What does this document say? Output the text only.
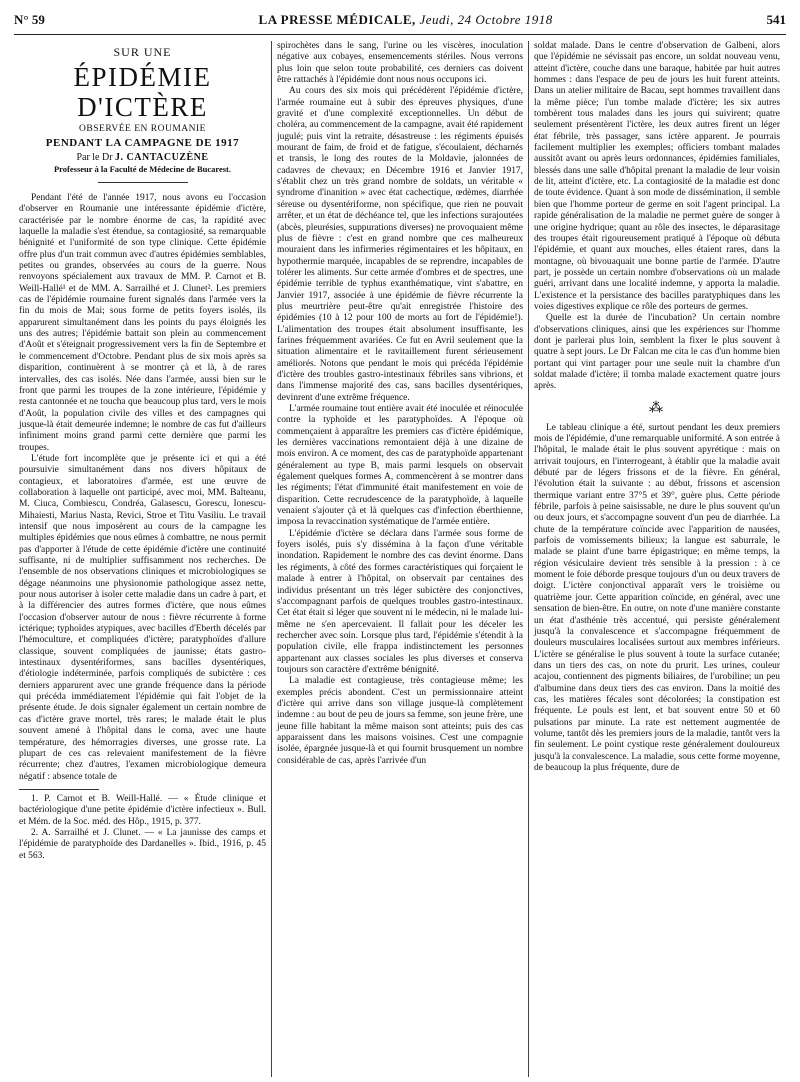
N° 59	LA PRESSE MÉDICALE, Jeudi, 24 Octobre 1918	541
SUR UNE
ÉPIDÉMIE D'ICTÈRE
OBSERVÉE EN ROUMANIE
PENDANT LA CAMPAGNE DE 1917
Par le Dr J. CANTACUZÈNE
Professeur à la Faculté de Médecine de Bucarest.

Pendant l'été de l'année 1917, nous avons eu l'occasion d'observer en Roumanie une intéressante épidémie d'ictère, caractérisée par le nombre énorme de cas, la rapidité avec laquelle la maladie s'est étendue, sa contagiosité, sa remarquable bénignité et l'uniformité de son type clinique. Cette épidémie offre plus d'un trait commun avec d'autres épidémies semblables, petites ou grandes, observées au cours de la guerre. Nous renvoyons spécialement aux travaux de MM. P. Carnot et B. Weill-Hallé¹ et de MM. A. Sarrailhé et J. Clunet². Les premiers cas de l'épidémie roumaine furent signalés dans l'armée vers la fin du mois de Mai; sous forme de petits foyers isolés, ils apparurent simultanément dans les points du pays éloignés les uns des autres; l'épidémie battait son plein au commencement d'Août et s'éteignait progressivement vers la fin de Septembre et le commencement d'Octobre. Pendant plus de six mois après sa disparition, continuèrent à se montrer çà et là, à de rares intervalles, des cas isolés. Née dans l'armée, aussi bien sur le front que parmi les troupes de la zone intérieure, l'épidémie y resta cantonnée et ne toucha que beaucoup plus tard, vers le mois d'Août, la population civile des villes et des campagnes qui jusque-là était demeurée indemne; le nombre de cas fut d'ailleurs infiniment moins grand parmi cette dernière que parmi les troupes.

L'étude fort incomplète que je présente ici et qui a été poursuivie simultanément dans nos divers hôpitaux de contagieux, et laboratoires d'armée, est une œuvre de collaboration à laquelle ont participé, avec moi, MM. Balteanu, M. Ciuca, Combiescu, Condréa, Galasescu, Gorescu, Ionescu-Mihaiesti, Marius Nasta, Revici, Stroe et Titu Vasiliu. Le travail intensif que nous imposèrent au cours de la campagne les multiples épidémies que nous eûmes à combattre, ne nous permit pas d'apporter à l'étude de cette épidémie d'ictère une continuité suffisante, ni de multiplier suffisamment nos recherches. De l'ensemble de nos observations cliniques et microbiologiques se dégage néanmoins une physionomie pathologique assez nette, pour nous autoriser à isoler cette maladie dans un cadre à part, et à la différencier des autres formes d'ictère, que nous eûmes l'occasion d'observer autour de nous : fièvre récurrente à forme ictérique; typhoïdes atypiques, avec bacilles d'Eberth décelés par l'hémoculture, et compliquées d'ictère; paratyphoïdes d'allure classique, souvent compliquées de jaunisse; états gastro-intestinaux dysentériformes, sans bacilles dysentériques, d'étiologie indéterminée, parfois compliqués de subictère : ces derniers apparurent avec une grande fréquence dans la période qui précéda immédiatement l'épidémie qui fait l'objet de la présente étude. Je dois signaler également un certain nombre de cas d'ictère grave mortel, très rares; le malade était le plus souvent amené à l'hôpital dans le coma, avec une haute température, des hémorragies diverses, une grosse rate. La plupart de ces cas relevaient manifestement de la fièvre récurrente; chez d'autres, l'examen microbiologique demeura négatif : absence totale de

1. P. Carnot et B. Weill-Hallé. — « Étude clinique et bactériologique d'une petite épidémie d'ictère infectieux ». Bull. et Mém. de la Soc. méd. des Hôp., 1915, p. 377.

2. A. Sarrailhé et J. Clunet. — « La jaunisse des camps et l'épidémie de paratyphoïde des Dardanelles ». Ibid., 1916, p. 45 et 563.

spirochètes dans le sang, l'urine ou les viscères, inoculation négative aux cobayes, ensemencements stériles. Nous verrons plus loin que selon toute probabilité, ces derniers cas doivent être rattachés à l'épidémie dont nous nous occupons ici.

Au cours des six mois qui précédèrent l'épidémie d'ictère, l'armée roumaine eut à subir des épreuves physiques, d'une gravité et d'une complexité exceptionnelles. Un début de choléra, au commencement de la campagne, avait été rapidement jugulé; puis vint la retraite, désastreuse : les régiments épuisés mourant de faim, de froid et de fatigue, s'écoulaient, décharnés et transis, le long des routes de la Moldavie, jalonnées de cadavres de chevaux; en Décembre 1916 et Janvier 1917, s'établit chez un très grand nombre de soldats, un véritable « syndrome d'inanition » avec état cachectique, œdèmes, diarrhée séreuse ou dysentériforme, non spécifique, que rien ne pouvait arrêter, et un état de déchéance tel, que les infections surajoutées (abcès, pleurésies, suppurations diverses) ne provoquaient même plus de fièvre : c'est en grand nombre que ces malheureux mouraient dans les infirmeries régimentaires et les hôpitaux, en hypothermie marquée, incapables de se reprendre, incapables de tolérer les aliments. Sur cette armée d'ombres et de spectres, une épidémie terrible de typhus exanthématique, vint s'abattre, en Janvier 1917, associée à une épidémie de fièvre récurrente la plus meurtrière peut-être qu'ait enregistrée l'histoire des épidémies (10 à 12 pour 100 de morts au fort de l'épidémie!). L'alimentation des troupes était absolument insuffisante, les farines fréquemment avariées. Ce fut en Avril seulement que la situation alimentaire et le ravitaillement furent sérieusement améliorés. Notons que pendant le mois qui précéda l'épidémie d'ictère des troubles gastro-intestinaux fébriles sans vibrions, et dans l'immense majorité des cas, sans bacilles dysentériques, devinrent d'une extrême fréquence.

L'armée roumaine tout entière avait été inoculée et réinoculée contre la typhoïde et les paratyphoïdes. A l'époque où commençaient à apparaître les premiers cas d'ictère épidémique, les dernières vaccinations remontaient déjà à une dizaine de mois environ. A ce moment, des cas de paratyphoïde appartenant généralement au type B, mais parmi lesquels on observait également quelques formes A, commencèrent à se montrer dans les régiments; l'état d'immunité était manifestement en voie de disparition. Cette recrudescence de la paratyphoïde, à laquelle venaient s'ajouter çà et là quelques cas d'infection éberthienne, imposa la revaccination systématique de l'armée entière.

L'épidémie d'ictère se déclara dans l'armée sous forme de foyers isolés, puis s'y dissémina à la façon d'une véritable inondation. Rapidement le nombre des cas devint énorme. Dans les régiments, à côté des formes caractéristiques qui forçaient le malade à entrer à l'hôpital, on observait par centaines des individus présentant un très léger subictère des conjonctives, s'accompagnant parfois de quelques troubles gastro-intestinaux. Cet état était si léger que souvent ni le médecin, ni le malade lui-même ne s'en apercevaient. Il fallait pour les déceler les rechercher avec soin. Lorsque plus tard, l'épidémie s'étendit à la population civile, elle frappa indistinctement les personnes appartenant aux classes sociales les plus diverses et conserva toujours son caractère d'extrême bénignité.

La maladie est contagieuse, très contagieuse même; les exemples précis abondent. C'est un permissionnaire atteint d'ictère qui arrive dans son village jusque-là complètement indemne : au bout de peu de jours sa femme, son jeune frère, une jeune fille habitant la même maison sont atteints; puis des cas apparaissent dans les maisons voisines. C'est une compagnie isolée, épargnée jusque-là et qui fournit brusquement un nombre considérable de cas, après l'arrivée d'un

soldat malade. Dans le centre d'observation de Galbeni, alors que l'épidémie ne sévissait pas encore, un soldat nouveau venu, atteint d'ictère, couche dans une baraque, habitée par huit autres hommes : dans l'espace de peu de jours les huit furent atteints. Dans un atelier militaire de Bacau, sept hommes travaillent dans la même pièce; l'un tombe malade d'ictère; les six autres tombèrent tous malades dans les jours qui suivirent; quatre seulement présentèrent l'ictère, les deux autres firent un léger état fébrile, très passager, sans ictère apparent. Je pourrais facilement multiplier les exemples; officiers tombant malades aussitôt avant ou après leurs ordonnances, épidémies familiales, blessés dans une salle d'hôpital prenant la maladie de leur voisin de lit, atteint d'ictère, etc. La contagiosité de la maladie est donc de toute évidence. Quant à son mode de dissémination, il semble bien que l'homme porteur de germe en soit l'agent principal. La rapide généralisation de la maladie ne permet guère de songer à une origine hydrique; quant au rôle des insectes, le déparasitage des troupes était rigoureusement pratiqué à l'époque où débuta l'épidémie, et quant aux mouches, elles étaient rares, dans la montagne, où bivouaquait une bonne partie de l'armée. D'autre part, je possède un certain nombre d'observations où un malade guéri, arrivant dans une localité indemne, y apporta la maladie. L'existence et la persistance des bacilles paratyphiques dans les voies digestives explique ce rôle des porteurs de germes.

Quelle est la durée de l'incubation? Un certain nombre d'observations cliniques, ainsi que les expériences sur l'homme dont je parlerai plus loin, semblent la fixer le plus souvent à quatre à sept jours. Le Dr Falcan me cita le cas d'un homme bien portant qui vint partager pour une seule nuit la chambre d'un soldat malade d'ictère; il tomba malade exactement quatre jours après.

⁂

Le tableau clinique a été, surtout pendant les deux premiers mois de l'épidémie, d'une remarquable uniformité. A son entrée à l'hôpital, le malade était le plus souvent apyrétique : mais on arrivait toujours, en l'interrogeant, à établir que la maladie avait débuté par de légers frissons et de la fièvre. En général, l'évolution était la suivante : au début, frissons et ascension thermique variant entre 37°5 et 39°, guère plus. Cette période fébrile, parfois à peine saisissable, ne dure le plus souvent qu'un ou deux jours, et s'accompagne souvent d'un peu de diarrhée. La chute de la température coïncide avec l'apparition de nausées, parfois de vomissements bilieux; la langue est saburrale, le malade se plaint d'une barre épigastrique; en même temps, la région vésiculaire devient très sensible à la pression : à ce moment le foie déborde presque toujours d'un ou deux travers de doigt. L'ictère conjonctival apparaît vers le troisième ou quatrième jour. Cette apparition coïncide, en général, avec une sensation de bien-être. En outre, on note d'une manière constante un état d'asthénie très accentué, qui persiste généralement jusqu'à la convalescence et s'accompagne fréquemment de douleurs musculaires localisées surtout aux membres inférieurs. L'ictère se généralise le plus souvent à toute la surface cutanée; dans un tiers des cas, on note du prurit. Les urines, couleur acajou, contiennent des pigments biliaires, de l'urobiline; un peu d'albumine dans deux tiers des cas environ. Dans la moitié des cas, les matières fécales sont décolorées; la constipation est fréquente. Le pouls est lent, et bat souvent entre 50 et 60 pulsations par minute. La rate est nettement augmentée de volume, tantôt dès les premiers jours de la maladie, tantôt vers la fin seulement. Le point cystique reste généralement douloureux jusqu'à la convalescence. La maladie, sous cette forme moyenne, de beaucoup la plus fréquente, dure de
